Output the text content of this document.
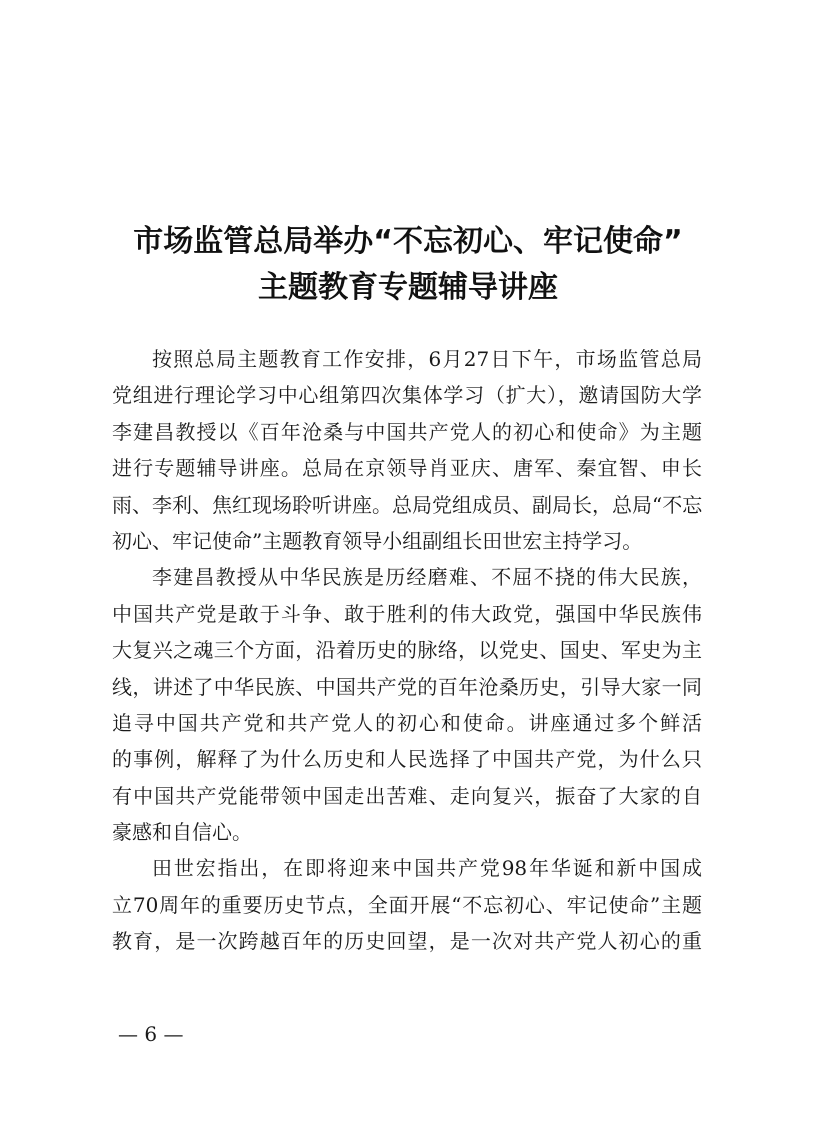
市场监管总局举办“不忘初心、牢记使命”
主题教育专题辅导讲座
按照总局主题教育工作安排，6月27日下午，市场监管总局
党组进行理论学习中心组第四次集体学习（扩大），邀请国防大学
李建昌教授以《百年沧桑与中国共产党人的初心和使命》为主题
进行专题辅导讲座。总局在京领导肖亚庆、唐军、秦宜智、申长
雨、李利、焦红现场聆听讲座。总局党组成员、副局长，总局“不忘
初心、牢记使命”主题教育领导小组副组长田世宏主持学习。
李建昌教授从中华民族是历经磨难、不屈不挠的伟大民族，
中国共产党是敢于斗争、敢于胜利的伟大政党，强国中华民族伟
大复兴之魂三个方面，沿着历史的脉络，以党史、国史、军史为主
线，讲述了中华民族、中国共产党的百年沧桑历史，引导大家一同
追寻中国共产党和共产党人的初心和使命。讲座通过多个鲜活
的事例，解释了为什么历史和人民选择了中国共产党，为什么只
有中国共产党能带领中国走出苦难、走向复兴，振奋了大家的自
豪感和自信心。
田世宏指出，在即将迎来中国共产党98年华诞和新中国成
立70周年的重要历史节点，全面开展“不忘初心、牢记使命”主题
教育，是一次跨越百年的历史回望，是一次对共产党人初心的重
— 6 —
